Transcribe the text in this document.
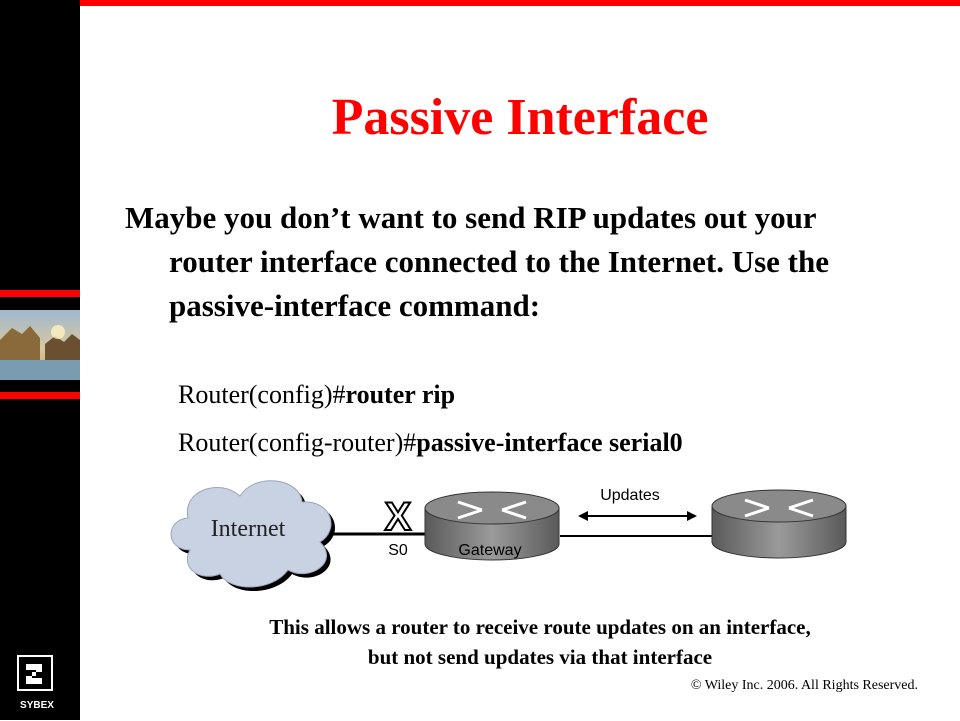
SYBEX
Passive Interface

Maybe you don’t want to send RIP updates out your router interface connected to the Internet. Use the passive-interface command:

Router(config)#router rip
Router(config-router)#passive-interface serial0
Internet X
S0	Gateway
Updates
This allows a router to receive route updates on an interface,
but not send updates via that interface
© Wiley Inc. 2006. All Rights Reserved.
